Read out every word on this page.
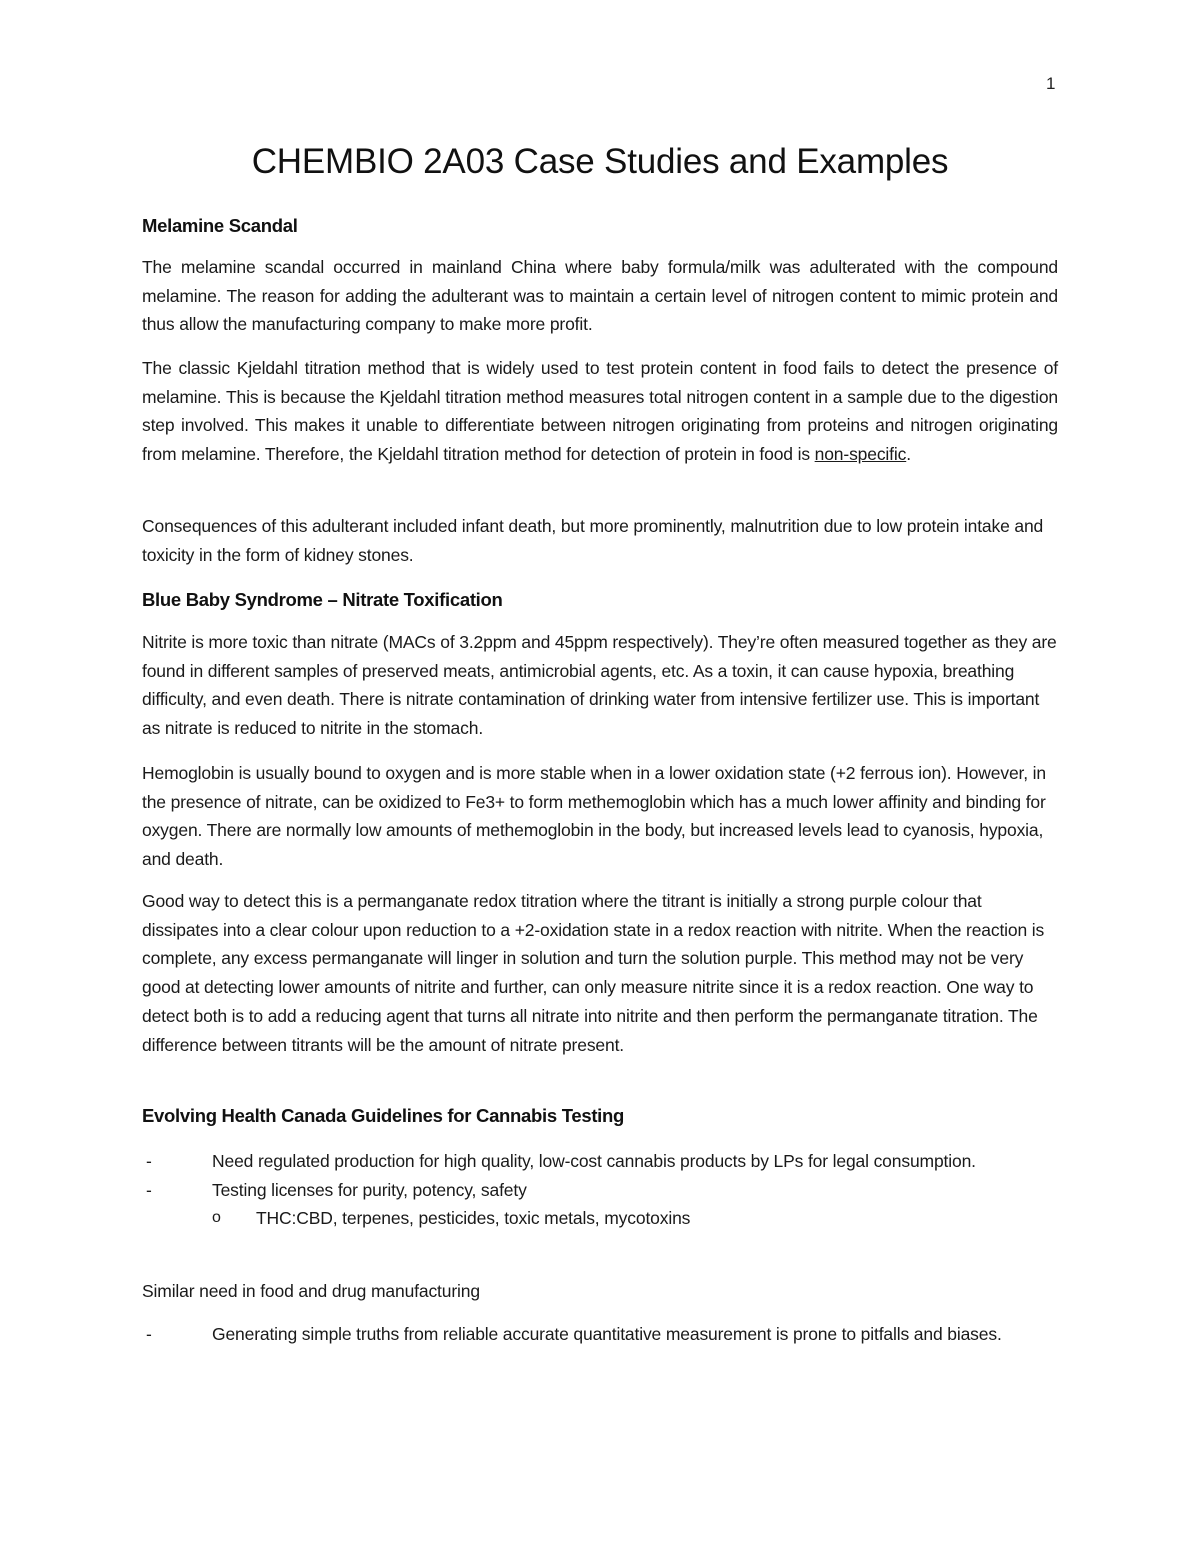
1
CHEMBIO 2A03 Case Studies and Examples
Melamine Scandal

The melamine scandal occurred in mainland China where baby formula/milk was adulterated with the compound melamine. The reason for adding the adulterant was to maintain a certain level of nitrogen content to mimic protein and thus allow the manufacturing company to make more profit.

The classic Kjeldahl titration method that is widely used to test protein content in food fails to detect the presence of melamine. This is because the Kjeldahl titration method measures total nitrogen content in a sample due to the digestion step involved. This makes it unable to differentiate between nitrogen originating from proteins and nitrogen originating from melamine. Therefore, the Kjeldahl titration method for detection of protein in food is non-specific.

Consequences of this adulterant included infant death, but more prominently, malnutrition due to low protein intake and toxicity in the form of kidney stones.

Blue Baby Syndrome – Nitrate Toxification

Nitrite is more toxic than nitrate (MACs of 3.2ppm and 45ppm respectively). They’re often measured together as they are found in different samples of preserved meats, antimicrobial agents, etc. As a toxin, it can cause hypoxia, breathing difficulty, and even death. There is nitrate contamination of drinking water from intensive fertilizer use. This is important as nitrate is reduced to nitrite in the stomach.

Hemoglobin is usually bound to oxygen and is more stable when in a lower oxidation state (+2 ferrous ion). However, in the presence of nitrate, can be oxidized to Fe3+ to form methemoglobin which has a much lower affinity and binding for oxygen. There are normally low amounts of methemoglobin in the body, but increased levels lead to cyanosis, hypoxia, and death.

Good way to detect this is a permanganate redox titration where the titrant is initially a strong purple colour that dissipates into a clear colour upon reduction to a +2-oxidation state in a redox reaction with nitrite. When the reaction is complete, any excess permanganate will linger in solution and turn the solution purple. This method may not be very good at detecting lower amounts of nitrite and further, can only measure nitrite since it is a redox reaction. One way to detect both is to add a reducing agent that turns all nitrate into nitrite and then perform the permanganate titration. The difference between titrants will be the amount of nitrate present.

Evolving Health Canada Guidelines for Cannabis Testing
-	Need regulated production for high quality, low-cost cannabis products by LPs for legal consumption.
-	Testing licenses for purity, potency, safety
o THC:CBD, terpenes, pesticides, toxic metals, mycotoxins

Similar need in food and drug manufacturing

-	Generating simple truths from reliable accurate quantitative measurement is prone to pitfalls and biases.
